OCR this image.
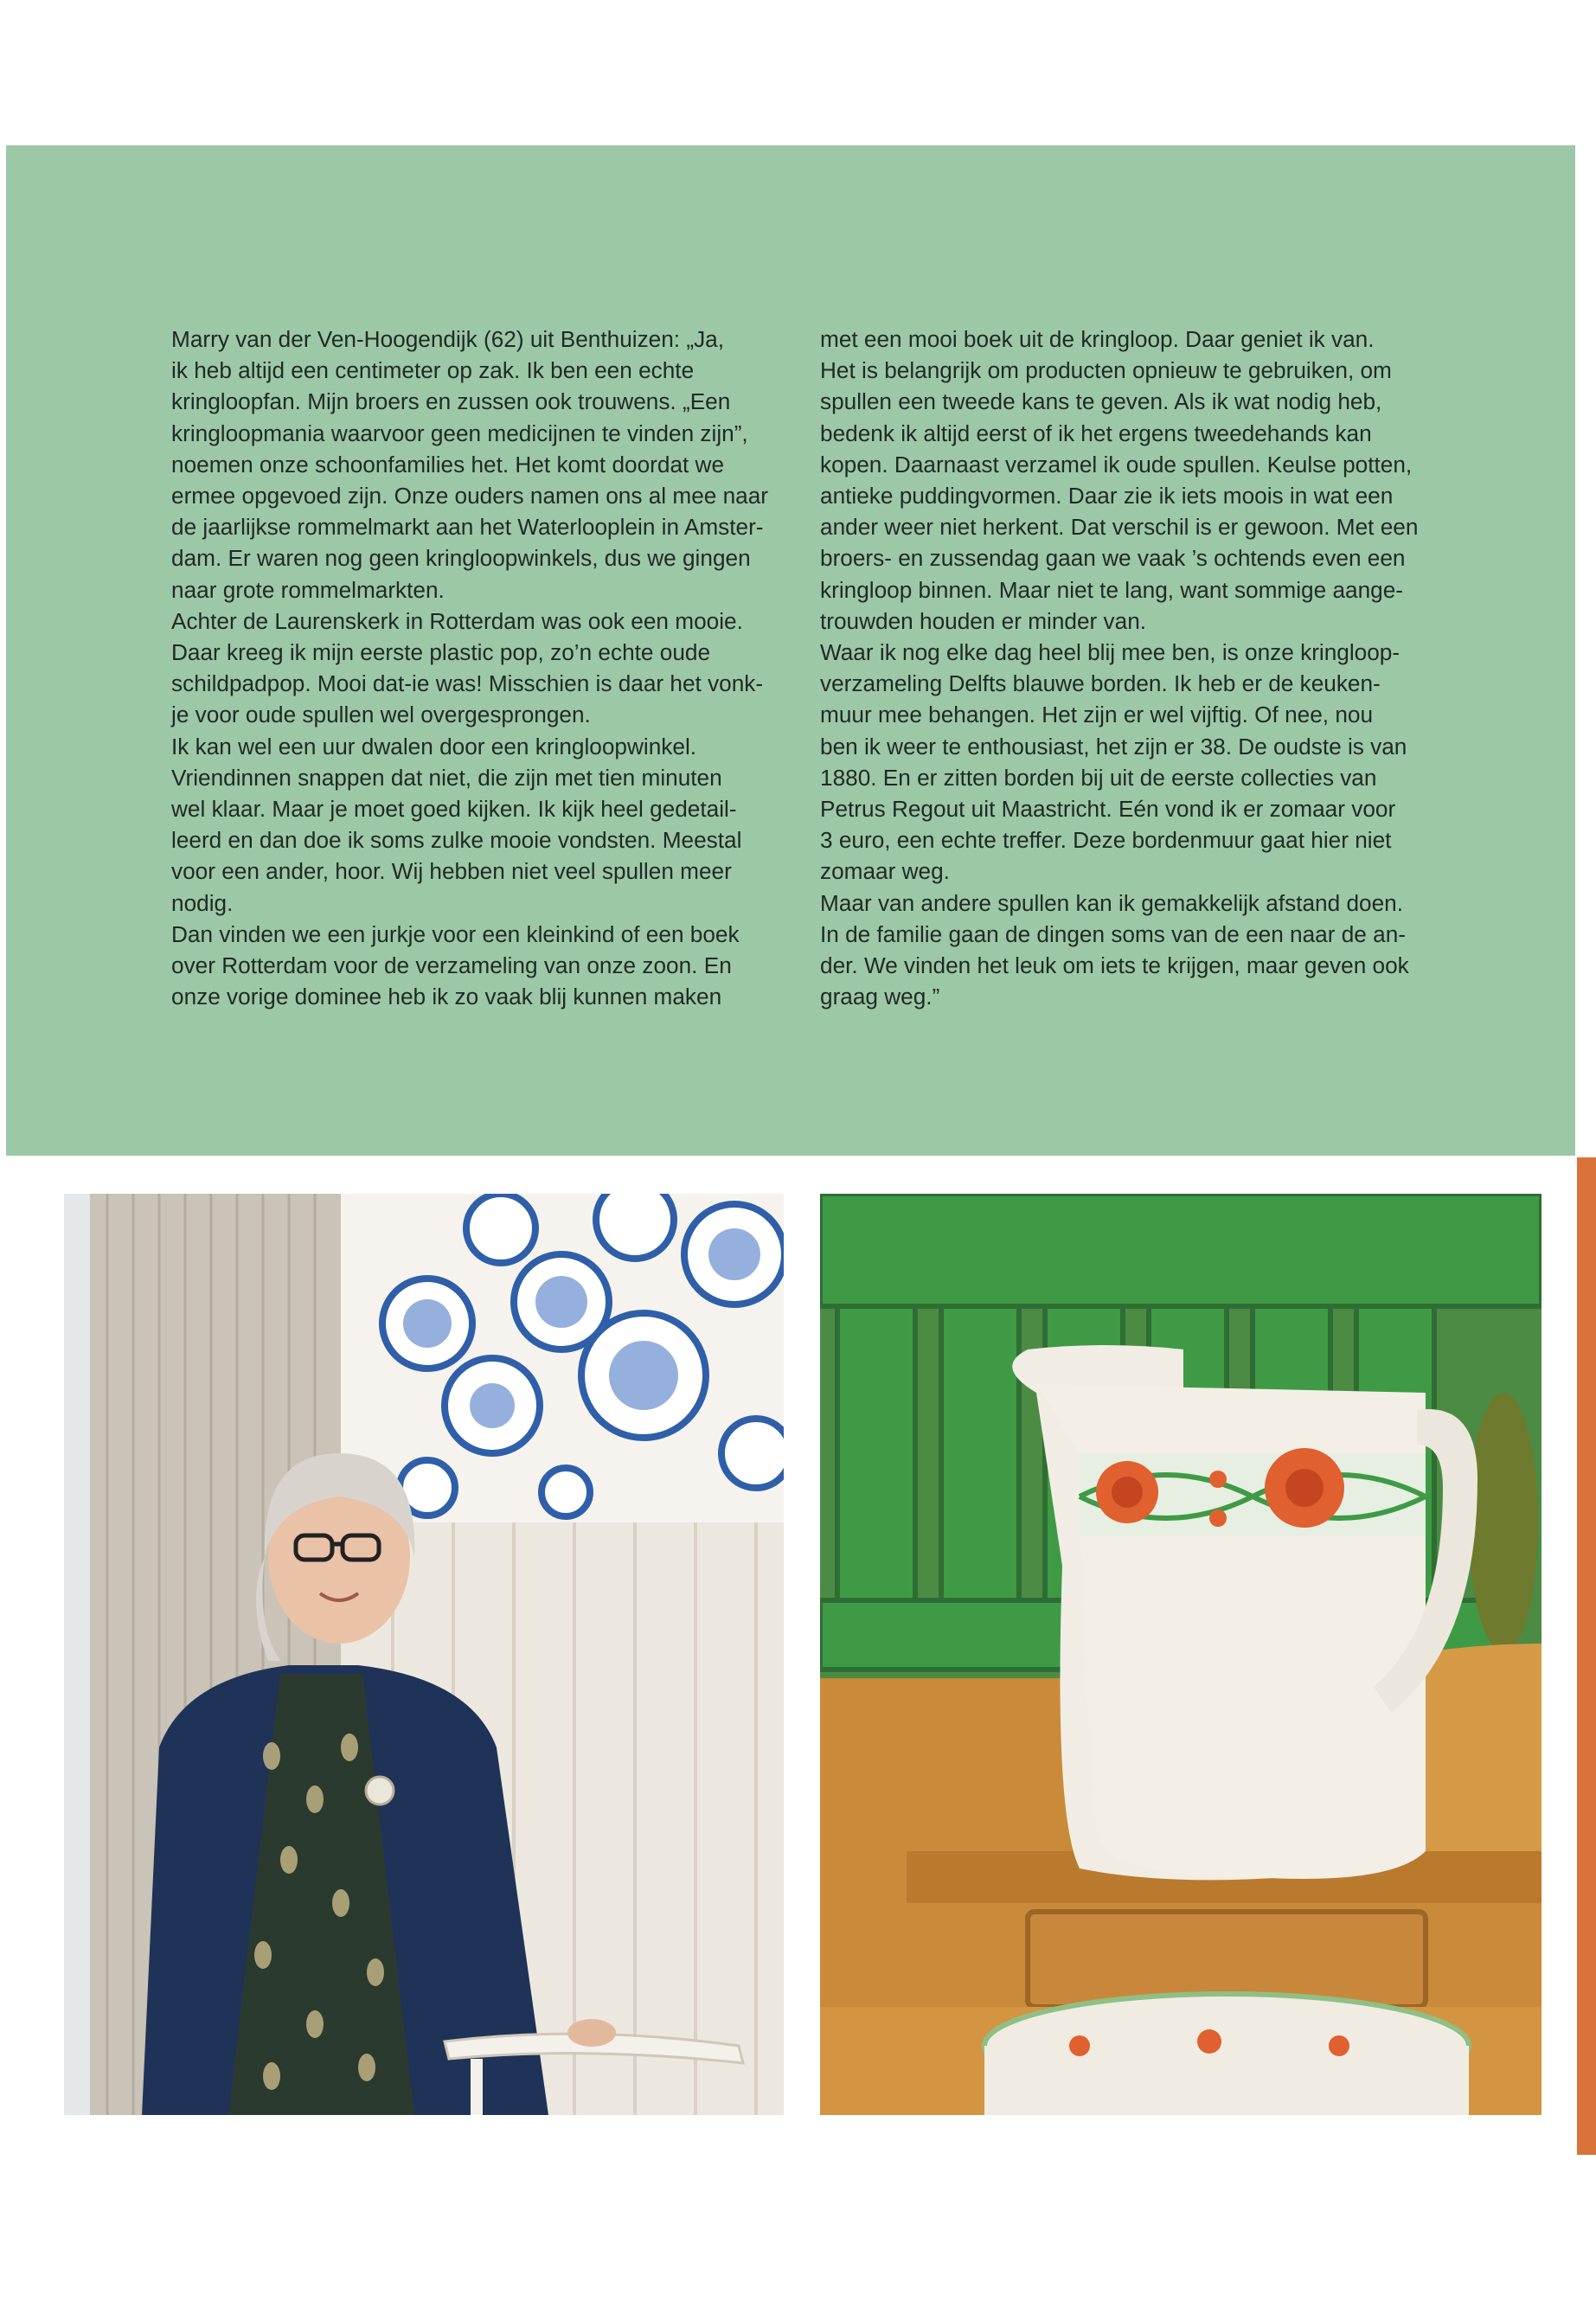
Marry van der Ven-Hoogendijk (62) uit Benthuizen: „Ja,
ik heb altijd een centimeter op zak. Ik ben een echte
kringloopfan. Mijn broers en zussen ook trouwens. „Een
kringloopmania waarvoor geen medicijnen te vinden zijn”,
noemen onze schoonfamilies het. Het komt doordat we
ermee opgevoed zijn. Onze ouders namen ons al mee naar
de jaarlijkse rommelmarkt aan het Waterlooplein in Amster-
dam. Er waren nog geen kringloopwinkels, dus we gingen
naar grote rommelmarkten.

Achter de Laurenskerk in Rotterdam was ook een mooie.
Daar kreeg ik mijn eerste plastic pop, zo’n echte oude
schildpadpop. Mooi dat-ie was! Misschien is daar het vonk-
je voor oude spullen wel overgesprongen.

Ik kan wel een uur dwalen door een kringloopwinkel.
Vriendinnen snappen dat niet, die zijn met tien minuten
wel klaar. Maar je moet goed kijken. Ik kijk heel gedetail-
leerd en dan doe ik soms zulke mooie vondsten. Meestal
voor een ander, hoor. Wij hebben niet veel spullen meer
nodig.

Dan vinden we een jurkje voor een kleinkind of een boek
over Rotterdam voor de verzameling van onze zoon. En
onze vorige dominee heb ik zo vaak blij kunnen maken

met een mooi boek uit de kringloop. Daar geniet ik van.
Het is belangrijk om producten opnieuw te gebruiken, om
spullen een tweede kans te geven. Als ik wat nodig heb,
bedenk ik altijd eerst of ik het ergens tweedehands kan
kopen. Daarnaast verzamel ik oude spullen. Keulse potten,
antieke puddingvormen. Daar zie ik iets moois in wat een
ander weer niet herkent. Dat verschil is er gewoon. Met een
broers- en zussendag gaan we vaak ’s ochtends even een
kringloop binnen. Maar niet te lang, want sommige aange-
trouwden houden er minder van.

Waar ik nog elke dag heel blij mee ben, is onze kringloop-
verzameling Delfts blauwe borden. Ik heb er de keuken-
muur mee behangen. Het zijn er wel vijftig. Of nee, nou
ben ik weer te enthousiast, het zijn er 38. De oudste is van
1880. En er zitten borden bij uit de eerste collecties van
Petrus Regout uit Maastricht. Eén vond ik er zomaar voor
3 euro, een echte treffer. Deze bordenmuur gaat hier niet
zomaar weg.

Maar van andere spullen kan ik gemakkelijk afstand doen.
In de familie gaan de dingen soms van de een naar de an-
der. We vinden het leuk om iets te krijgen, maar geven ook
graag weg.”
